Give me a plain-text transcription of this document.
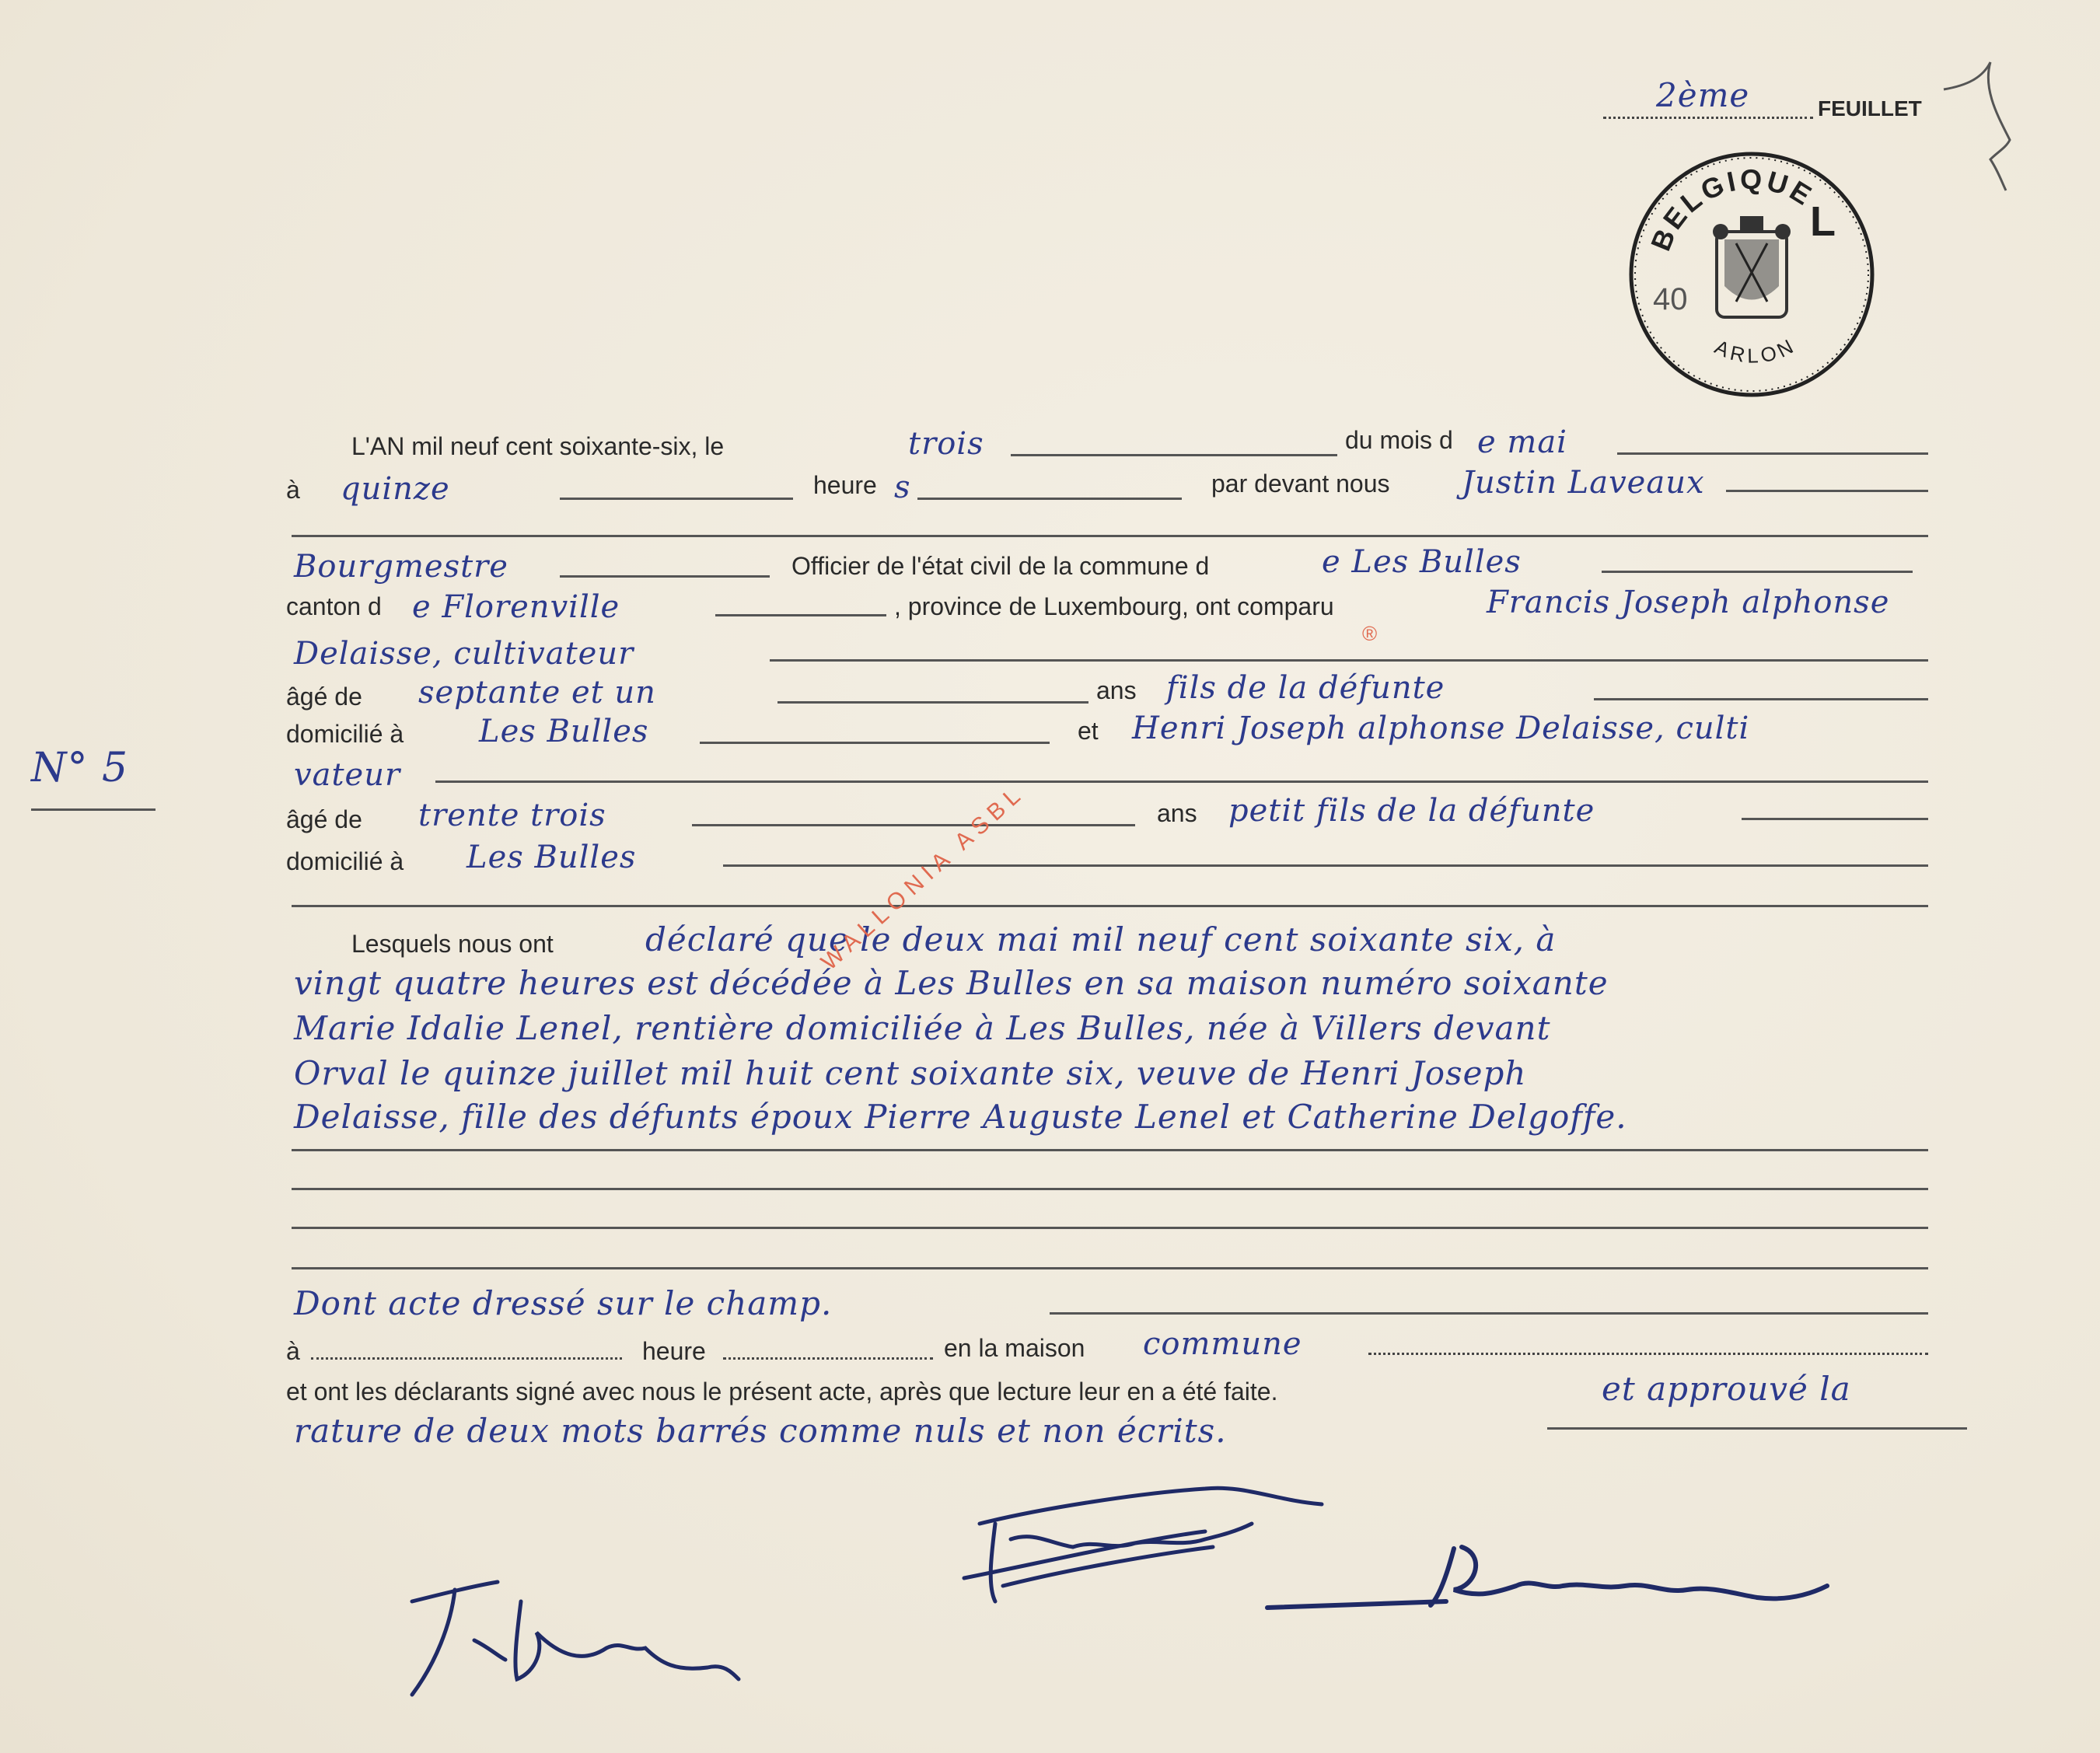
2ème	FEUILLET
BELGIQUE
L
40
ARLON
N° 5
L'AN mil neuf cent soixante-six, le	trois	du mois d e mai
à quinze	heure s	par devant nous Justin Laveaux
Bourgmestre	Officier de l'état civil de la commune d	e Les Bulles
canton d e Florenville	, province de Luxembourg, ont comparu	Francis Joseph alphonse
Delaisse, cultivateur
âgé de septante et un	ans fils de la défunte
domicilié à Les Bulles	et Henri Joseph alphonse Delaisse, culti
vateur
âgé de trente trois	ans petit fils de la défunte
domicilié à Les Bulles
Lesquels nous ont	déclaré que le deux mai mil neuf cent soixante six, à
vingt quatre heures est décédée à Les Bulles en sa maison numéro soixante
Marie Idalie Lenel, rentière domiciliée à Les Bulles, née à Villers devant
Orval le quinze juillet mil huit cent soixante six, veuve de Henri Joseph
Delaisse, fille des défunts époux Pierre Auguste Lenel et Catherine Delgoffe.
Dont acte dressé sur le champ.
à	heure	en la maison commune
et ont les déclarants signé avec nous le présent acte, après que lecture leur en a été faite.	et approuvé la
rature de deux mots barrés comme nuls et non écrits.
WALLONIA ASBL
®
